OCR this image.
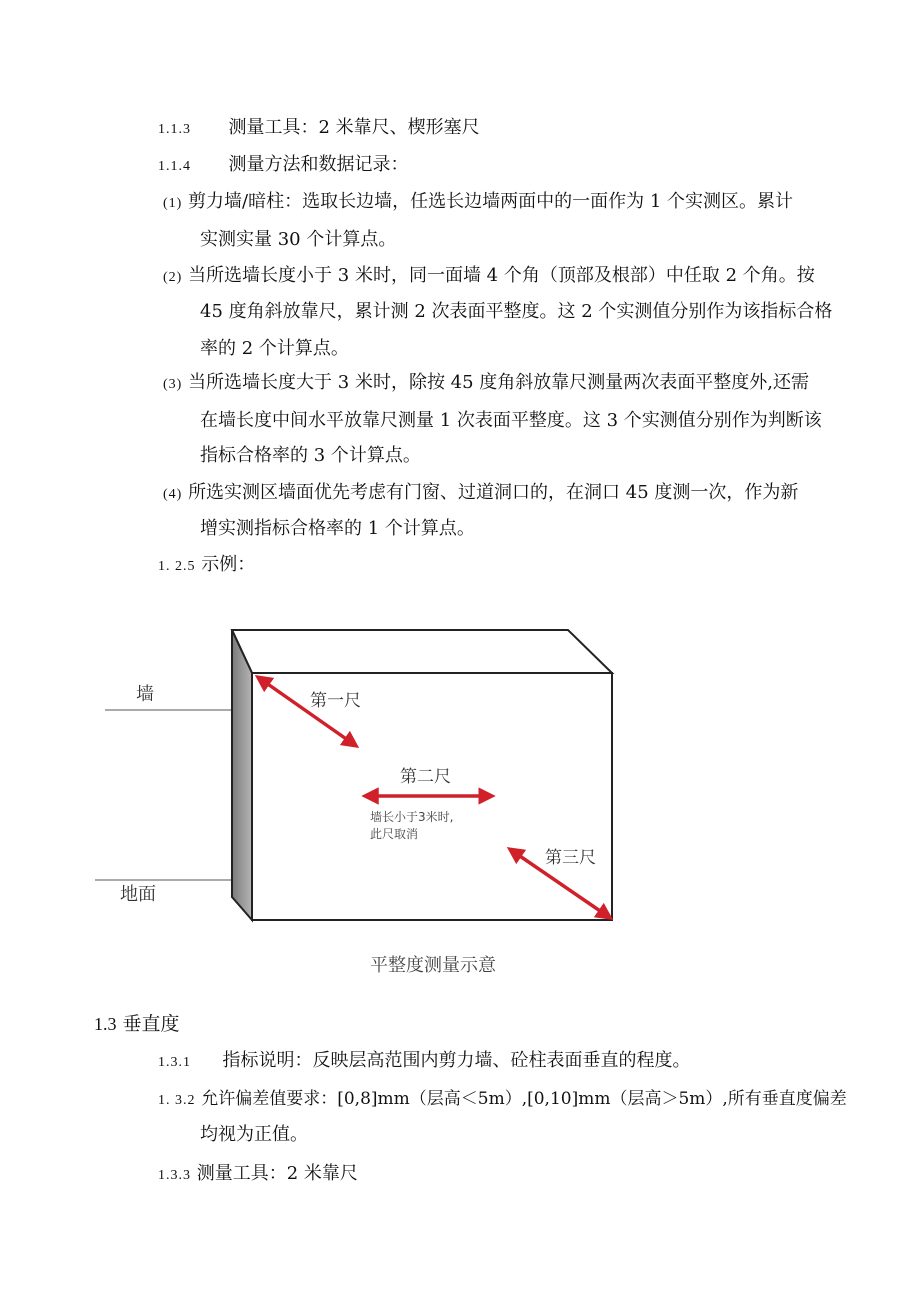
1.1.3 测量工具：2 米靠尺、楔形塞尺
1.1.4 测量方法和数据记录：
(1) 剪力墙/暗柱：选取长边墙，任选长边墙两面中的一面作为 1 个实测区。累计
实测实量 30 个计算点。
(2) 当所选墙长度小于 3 米时，同一面墙 4 个角（顶部及根部）中任取 2 个角。按
45 度角斜放靠尺，累计测 2 次表面平整度。这 2 个实测值分别作为该指标合格
率的 2 个计算点。
(3) 当所选墙长度大于 3 米时，除按 45 度角斜放靠尺测量两次表面平整度外,还需
在墙长度中间水平放靠尺测量 1 次表面平整度。这 3 个实测值分别作为判断该
指标合格率的 3 个计算点。
(4) 所选实测区墙面优先考虑有门窗、过道洞口的，在洞口 45 度测一次，作为新
增实测指标合格率的 1 个计算点。
1. 2.5 示例：
墙
地面
第一尺
第二尺
墙长小于3米时,
此尺取消
第三尺
平整度测量示意
1.3 垂直度
1.3.1 指标说明：反映层高范围内剪力墙、砼柱表面垂直的程度。
1. 3.2 允许偏差值要求：[0,8]mm（层高＜5m）,[0,10]mm（层高＞5m）,所有垂直度偏差
均视为正值。
1.3.3 测量工具：2 米靠尺
